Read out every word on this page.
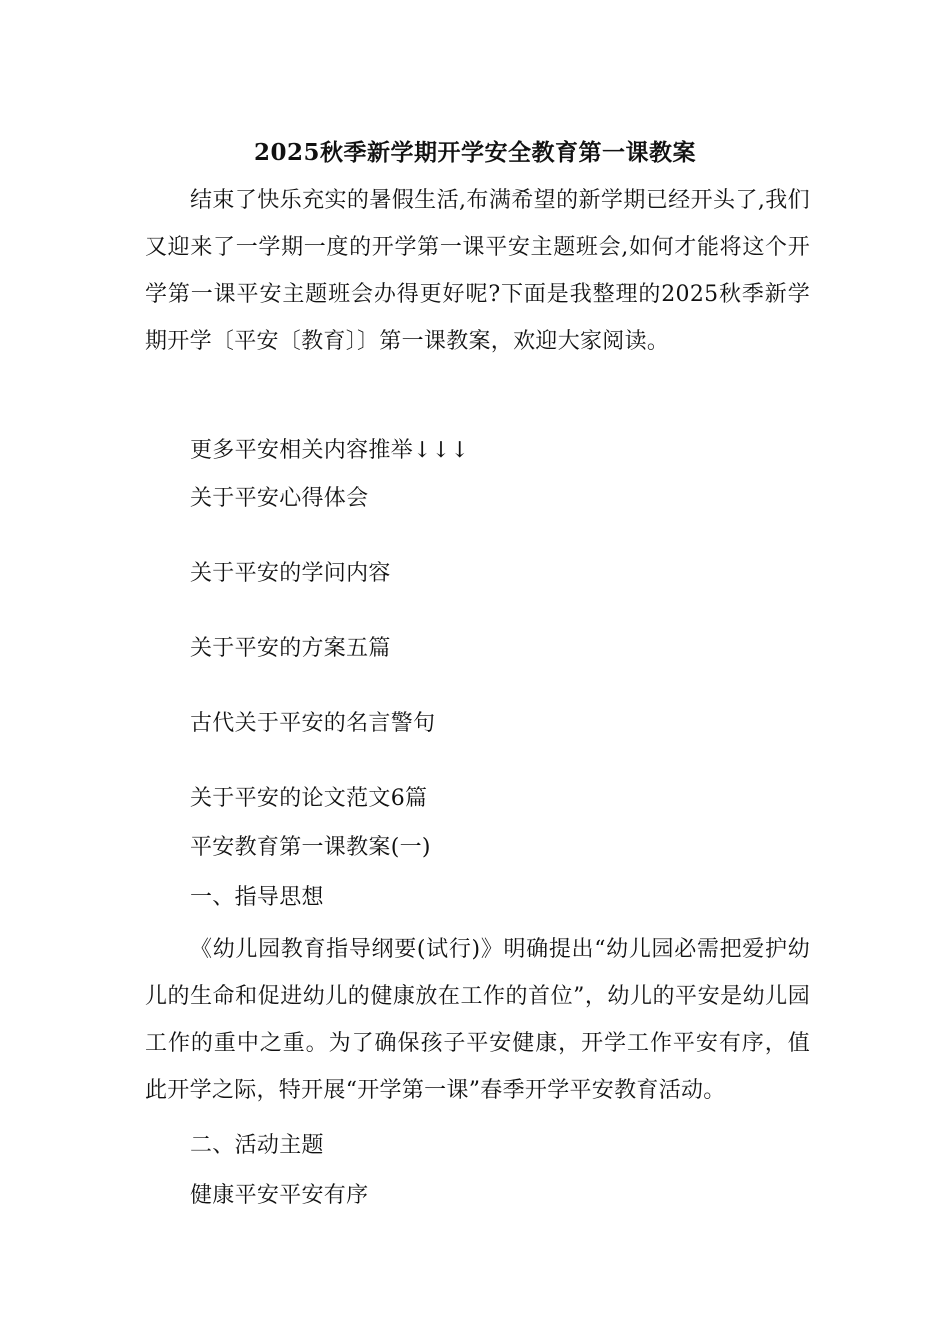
2025秋季新学期开学安全教育第一课教案
结束了快乐充实的暑假生活,布满希望的新学期已经开头了,我们又迎来了一学期一度的开学第一课平安主题班会,如何才能将这个开学第一课平安主题班会办得更好呢?下面是我整理的2025秋季新学期开学〔平安〔教育〕〕第一课教案，欢迎大家阅读。
更多平安相关内容推举↓↓↓
关于平安心得体会
关于平安的学问内容
关于平安的方案五篇
古代关于平安的名言警句
关于平安的论文范文6篇
平安教育第一课教案(一)
一、指导思想
《幼儿园教育指导纲要(试行)》明确提出“幼儿园必需把爱护幼儿的生命和促进幼儿的健康放在工作的首位”，幼儿的平安是幼儿园工作的重中之重。为了确保孩子平安健康，开学工作平安有序，值此开学之际，特开展“开学第一课”春季开学平安教育活动。
二、活动主题
健康平安平安有序
